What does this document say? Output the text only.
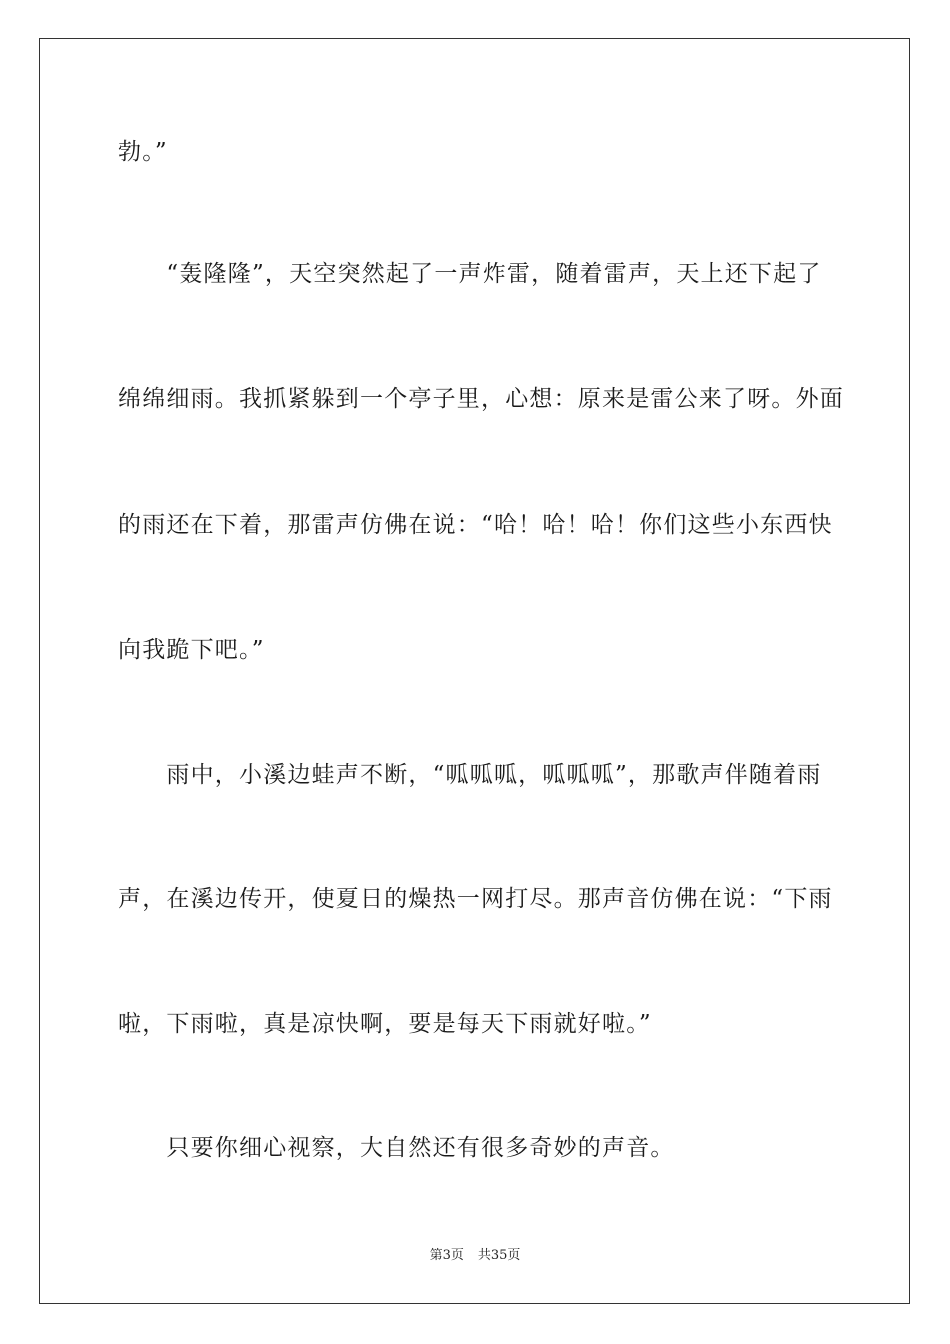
勃。”
　　“轰隆隆”，天空突然起了一声炸雷，随着雷声，天上还下起了
绵绵细雨。我抓紧躲到一个亭子里，心想：原来是雷公来了呀。外面
的雨还在下着，那雷声仿佛在说：“哈！哈！哈！你们这些小东西快
向我跪下吧。”
　　雨中，小溪边蛙声不断，“呱呱呱，呱呱呱”，那歌声伴随着雨
声，在溪边传开，使夏日的燥热一网打尽。那声音仿佛在说：“下雨
啦，下雨啦，真是凉快啊，要是每天下雨就好啦。”
　　只要你细心视察，大自然还有很多奇妙的声音。
第3页 共35页
